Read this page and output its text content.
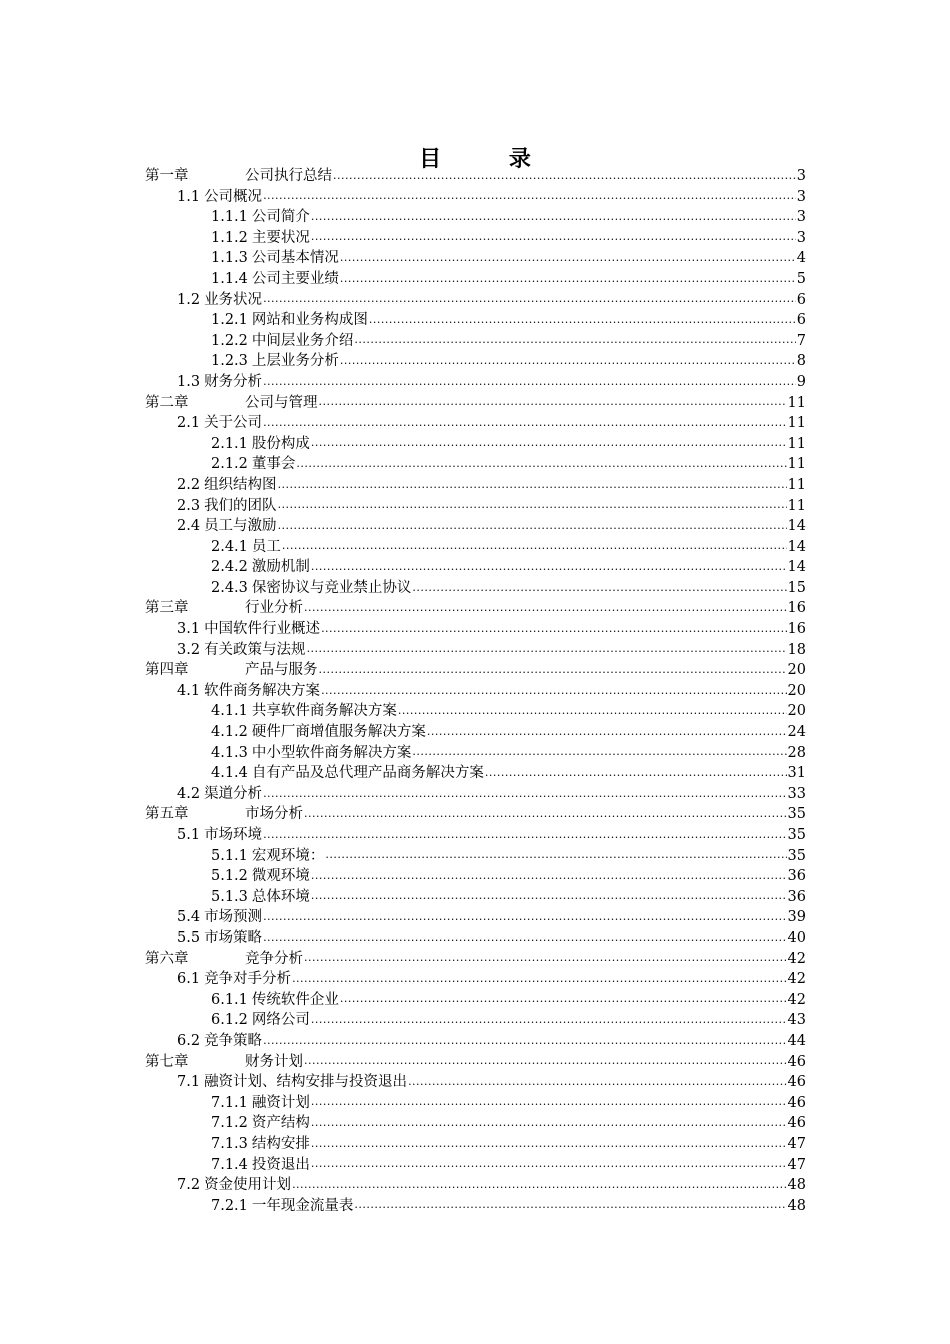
目 录
第一章	公司执行总结 .....	3
1.1 公司概况 .....	3
1.1.1 公司简介 .....	3
1.1.2 主要状况 .....	3
1.1.3 公司基本情况 .....	4
1.1.4 公司主要业绩 .....	5
1.2 业务状况 .....	6
1.2.1 网站和业务构成图 .....	6
1.2.2 中间层业务介绍 .....	7
1.2.3 上层业务分析 .....	8
1.3 财务分析 .....	9
第二章	公司与管理 .....	11
2.1 关于公司 .....	11
2.1.1 股份构成 .....	11
2.1.2 董事会 .....	11
2.2 组织结构图 .....	11
2.3 我们的团队 .....	11
2.4 员工与激励 .....	14
2.4.1 员工 .....	14
2.4.2 激励机制 .....	14
2.4.3 保密协议与竞业禁止协议 .....	15
第三章	行业分析 .....	16
3.1 中国软件行业概述 .....	16
3.2 有关政策与法规 .....	18
第四章	产品与服务 .....	20
4.1 软件商务解决方案 .....	20
4.1.1 共享软件商务解决方案 .....	20
4.1.2 硬件厂商增值服务解决方案 .....	24
4.1.3 中小型软件商务解决方案 .....	28
4.1.4 自有产品及总代理产品商务解决方案 .....	31
4.2 渠道分析 .....	33
第五章	市场分析 .....	35
5.1 市场环境 .....	35
5.1.1 宏观环境： .....	35
5.1.2 微观环境 .....	36
5.1.3 总体环境 .....	36
5.4 市场预测 .....	39
5.5 市场策略 .....	40
第六章	竞争分析 .....	42
6.1 竞争对手分析 .....	42
6.1.1 传统软件企业 .....	42
6.1.2 网络公司 .....	43
6.2 竞争策略 .....	44
第七章	财务计划 .....	46
7.1 融资计划、结构安排与投资退出 .....	46
7.1.1 融资计划 .....	46
7.1.2 资产结构 .....	46
7.1.3 结构安排 .....	47
7.1.4 投资退出 .....	47
7.2 资金使用计划 .....	48
7.2.1 一年现金流量表 .....	48
